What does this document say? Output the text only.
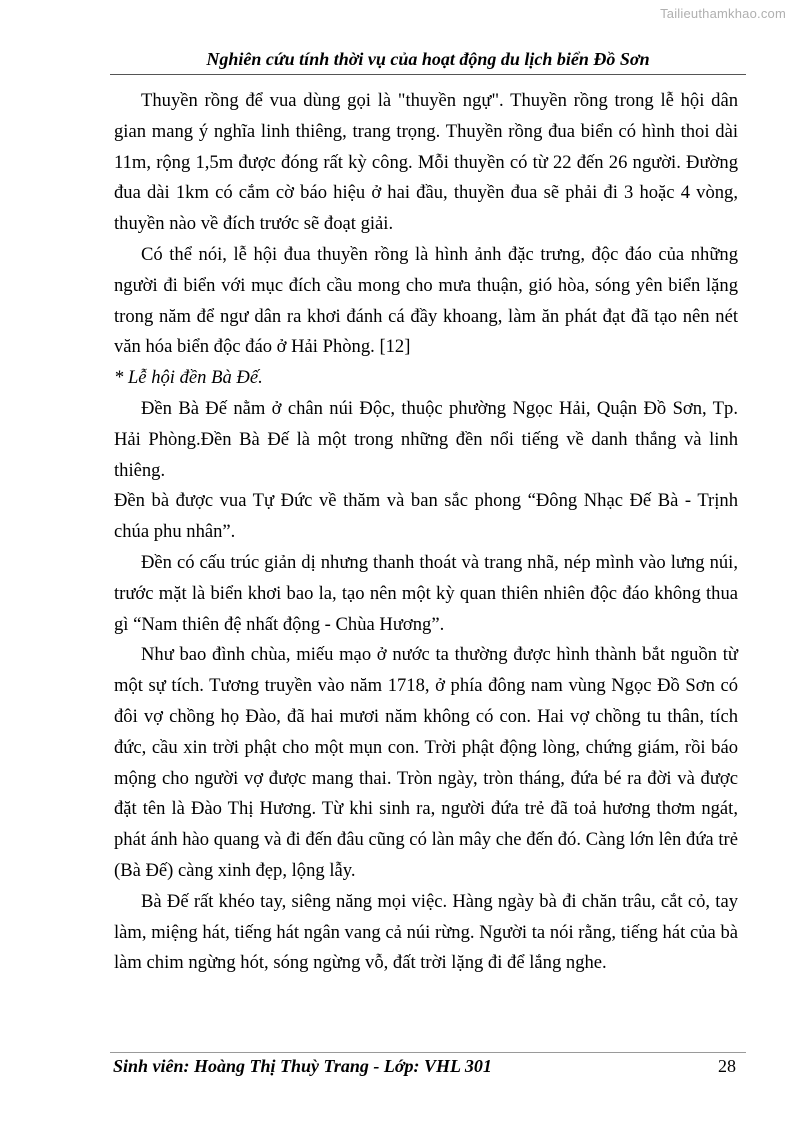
Tailieuthamkhao.com
Nghiên cứu tính thời vụ của hoạt động du lịch biển Đồ Sơn

Thuyền rồng để vua dùng gọi là "thuyền ngự". Thuyền rồng trong lễ hội dân gian mang ý nghĩa linh thiêng, trang trọng. Thuyền rồng đua biển có hình thoi dài 11m, rộng 1,5m được đóng rất kỳ công. Mỗi thuyền có từ 22 đến 26 người. Đường đua dài 1km có cắm cờ báo hiệu ở hai đầu, thuyền đua sẽ phải đi 3 hoặc 4 vòng, thuyền nào về đích trước sẽ đoạt giải.

Có thể nói, lễ hội đua thuyền rồng là hình ảnh đặc trưng, độc đáo của những người đi biển với mục đích cầu mong cho mưa thuận, gió hòa, sóng yên biển lặng trong năm để ngư dân ra khơi đánh cá đầy khoang, làm ăn phát đạt đã tạo nên nét văn hóa biển độc đáo ở Hải Phòng. [12]

* Lễ hội đền Bà Đế.

Đền Bà Đế nằm ở chân núi Độc, thuộc phường Ngọc Hải, Quận Đồ Sơn, Tp. Hải Phòng.Đền Bà Đế là một trong những đền nổi tiếng về danh thắng và linh thiêng.

Đền bà được vua Tự Đức về thăm và ban sắc phong “Đông Nhạc Đế Bà - Trịnh chúa phu nhân”.

Đền có cấu trúc giản dị nhưng thanh thoát và trang nhã, nép mình vào lưng núi, trước mặt là biển khơi bao la, tạo nên một kỳ quan thiên nhiên độc đáo không thua gì “Nam thiên đệ nhất động - Chùa Hương”.

Như bao đình chùa, miếu mạo ở nước ta thường được hình thành bắt nguồn từ một sự tích. Tương truyền vào năm 1718, ở phía đông nam vùng Ngọc Đồ Sơn có đôi vợ chồng họ Đào, đã hai mươi năm không có con. Hai vợ chồng tu thân, tích đức, cầu xin trời phật cho một mụn con. Trời phật động lòng, chứng giám, rồi báo mộng cho người vợ được mang thai. Tròn ngày, tròn tháng, đứa bé ra đời và được đặt tên là Đào Thị Hương. Từ khi sinh ra, người đứa trẻ đã toả hương thơm ngát, phát ánh hào quang và đi đến đâu cũng có làn mây che đến đó. Càng lớn lên đứa trẻ (Bà Đế) càng xinh đẹp, lộng lẫy.

Bà Đế rất khéo tay, siêng năng mọi việc. Hàng ngày bà đi chăn trâu, cắt cỏ, tay làm, miệng hát, tiếng hát ngân vang cả núi rừng. Người ta nói rằng, tiếng hát của bà làm chim ngừng hót, sóng ngừng vỗ, đất trời lặng đi để lắng nghe.

Sinh viên: Hoàng Thị Thuỳ Trang - Lớp: VHL 301	28
